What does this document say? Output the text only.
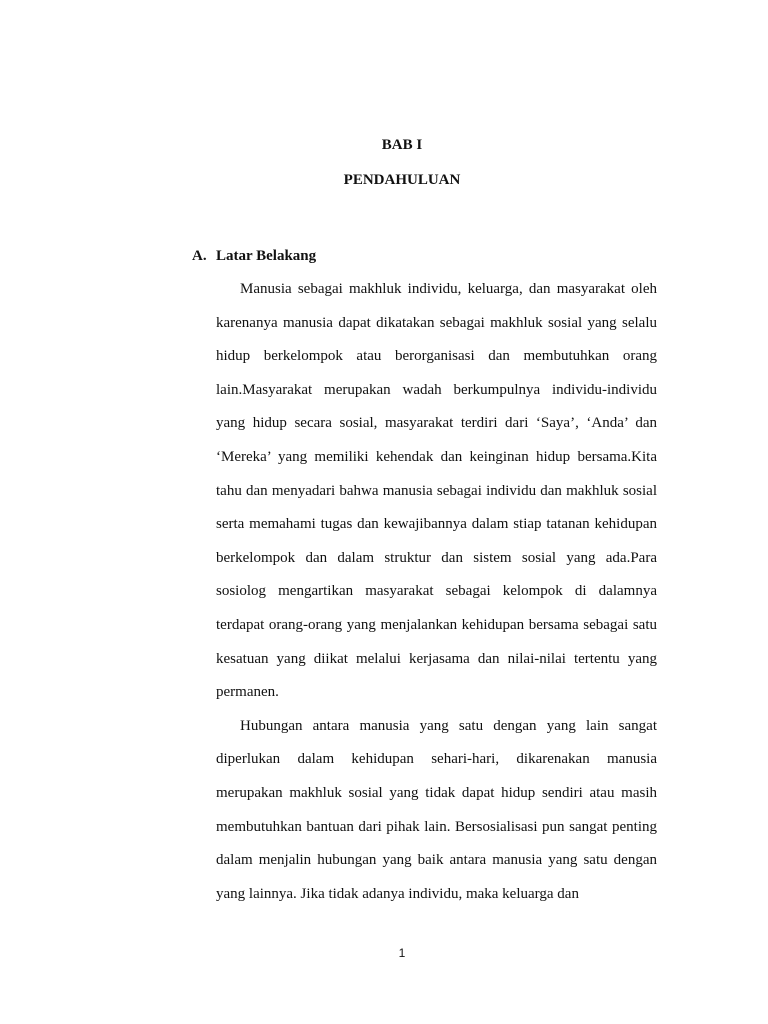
BAB I
PENDAHULUAN
A. Latar Belakang

Manusia sebagai makhluk individu, keluarga, dan masyarakat oleh karenanya manusia dapat dikatakan sebagai makhluk sosial yang selalu hidup berkelompok atau berorganisasi dan membutuhkan orang lain.Masyarakat merupakan wadah berkumpulnya individu-individu yang hidup secara sosial, masyarakat terdiri dari ‘Saya’, ‘Anda’ dan ‘Mereka’ yang memiliki kehendak dan keinginan hidup bersama.Kita tahu dan menyadari bahwa manusia sebagai individu dan makhluk sosial serta memahami tugas dan kewajibannya dalam stiap tatanan kehidupan berkelompok dan dalam struktur dan sistem sosial yang ada.Para sosiolog mengartikan masyarakat sebagai kelompok di dalamnya terdapat orang-orang yang menjalankan kehidupan bersama sebagai satu kesatuan yang diikat melalui kerjasama dan nilai-nilai tertentu yang permanen.

Hubungan antara manusia yang satu dengan yang lain sangat diperlukan dalam kehidupan sehari-hari, dikarenakan manusia merupakan makhluk sosial yang tidak dapat hidup sendiri atau masih membutuhkan bantuan dari pihak lain. Bersosialisasi pun sangat penting dalam menjalin hubungan yang baik antara manusia yang satu dengan yang lainnya. Jika tidak adanya individu, maka keluarga dan

1
